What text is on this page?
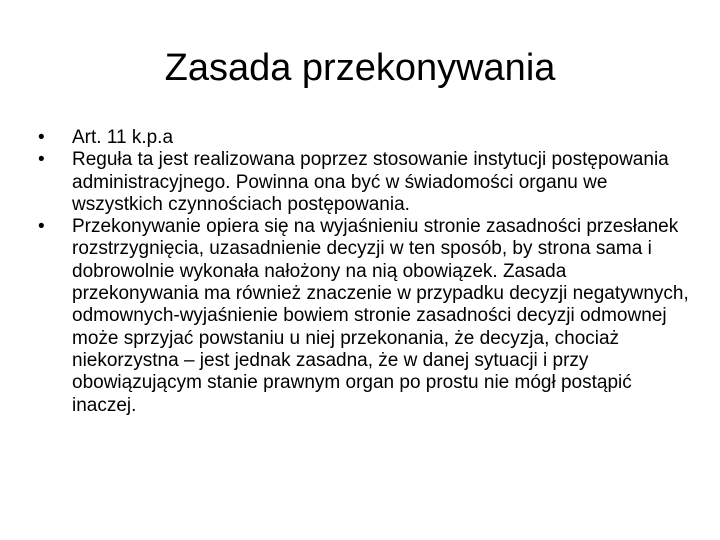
Zasada przekonywania
•	Art. 11 k.p.a
•	Reguła ta jest realizowana poprzez stosowanie instytucji postępowania administracyjnego. Powinna ona być w świadomości organu we wszystkich czynnościach postępowania.
•	Przekonywanie opiera się na wyjaśnieniu stronie zasadności przesłanek rozstrzygnięcia, uzasadnienie decyzji w ten sposób, by strona sama i dobrowolnie wykonała nałożony na nią obowiązek. Zasada przekonywania ma również znaczenie w przypadku decyzji negatywnych, odmownych-wyjaśnienie bowiem stronie zasadności decyzji odmownej może sprzyjać powstaniu u niej przekonania, że decyzja, chociaż niekorzystna – jest jednak zasadna, że w danej sytuacji i przy obowiązującym stanie prawnym organ po prostu nie mógł postąpić inaczej.
